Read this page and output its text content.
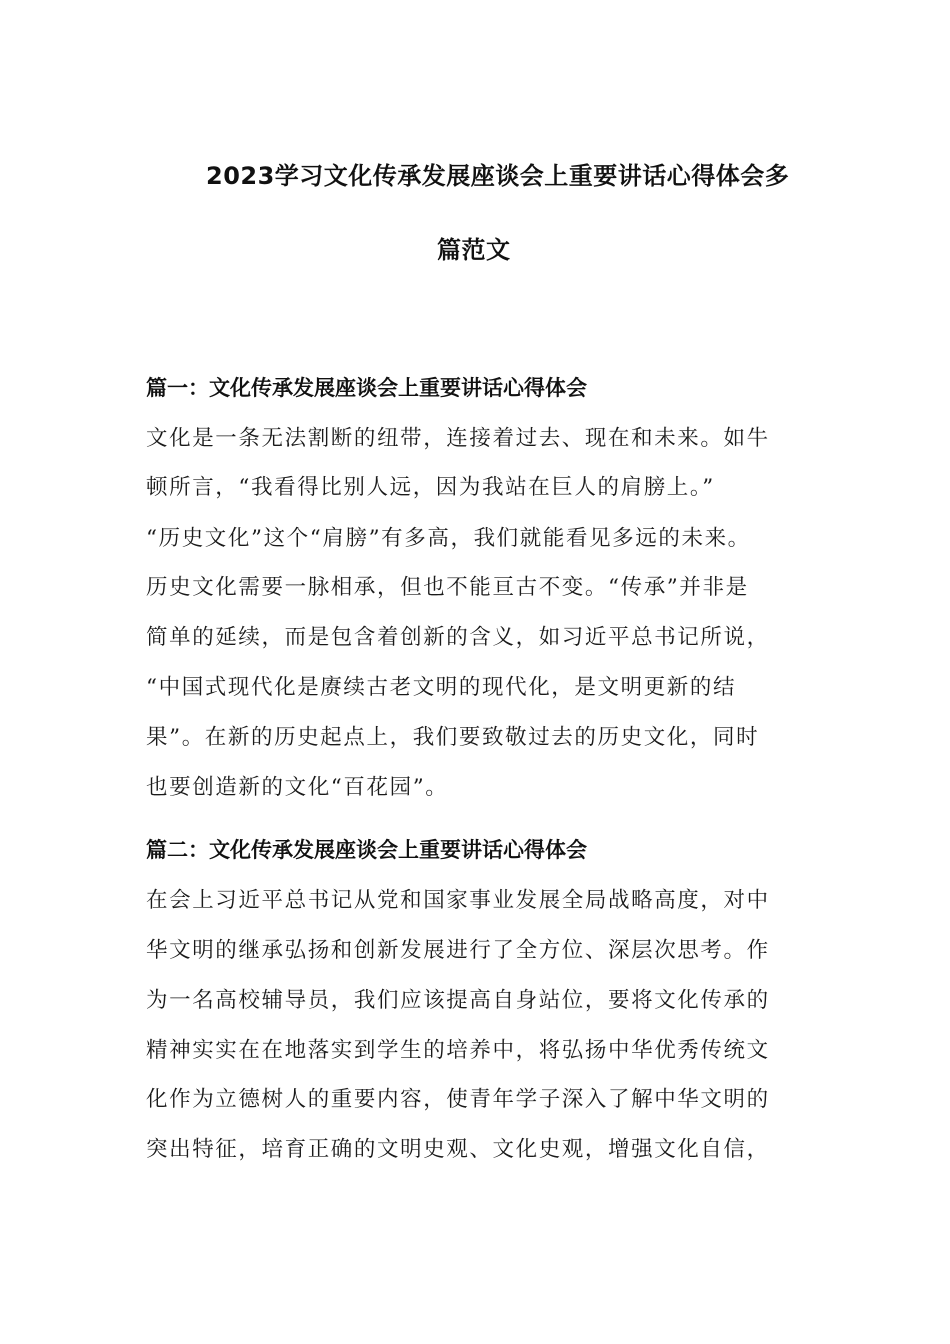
2023学习文化传承发展座谈会上重要讲话心得体会多
篇范文
篇一：文化传承发展座谈会上重要讲话心得体会
文化是一条无法割断的纽带，连接着过去、现在和未来。如牛
顿所言，“我看得比别人远，因为我站在巨人的肩膀上。”
“历史文化”这个“肩膀”有多高，我们就能看见多远的未来。
历史文化需要一脉相承，但也不能亘古不变。“传承”并非是
简单的延续，而是包含着创新的含义，如习近平总书记所说，
“中国式现代化是赓续古老文明的现代化，是文明更新的结
果”。在新的历史起点上，我们要致敬过去的历史文化，同时
也要创造新的文化“百花园”。
篇二：文化传承发展座谈会上重要讲话心得体会
在会上习近平总书记从党和国家事业发展全局战略高度，对中
华文明的继承弘扬和创新发展进行了全方位、深层次思考。作
为一名高校辅导员，我们应该提高自身站位，要将文化传承的
精神实实在在地落实到学生的培养中，将弘扬中华优秀传统文
化作为立德树人的重要内容，使青年学子深入了解中华文明的
突出特征，培育正确的文明史观、文化史观，增强文化自信，
